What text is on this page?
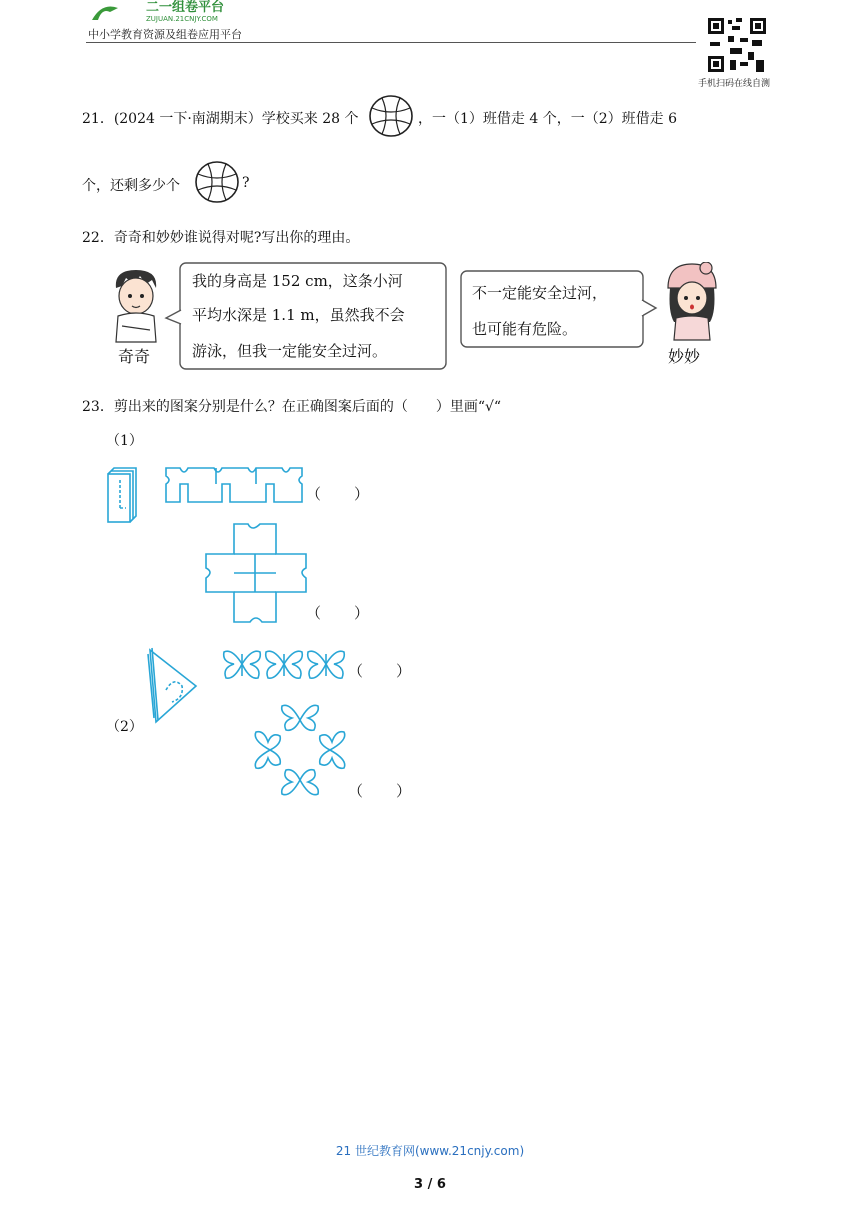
二一组卷平台
ZUJUAN.21CNJY.COM
中小学教育资源及组卷应用平台
手机扫码在线自测
21．(2024 一下·南湖期末）学校买来 28 个	，一（1）班借走 4 个，一（2）班借走 6
个，还剩多少个	?
22．奇奇和妙妙谁说得对呢?写出你的理由。
奇奇
我的身高是 152 cm，这条小河
平均水深是 1.1 m，虽然我不会
游泳，但我一定能安全过河。
不一定能安全过河，
也可能有危险。
妙妙
23．剪出来的图案分别是什么？在正确图案后面的（　　）里画“√“
（1）
（　　）
（　　）
（2）
（　　）
（　　）
21 世纪教育网(www.21cnjy.com)
3 / 6
